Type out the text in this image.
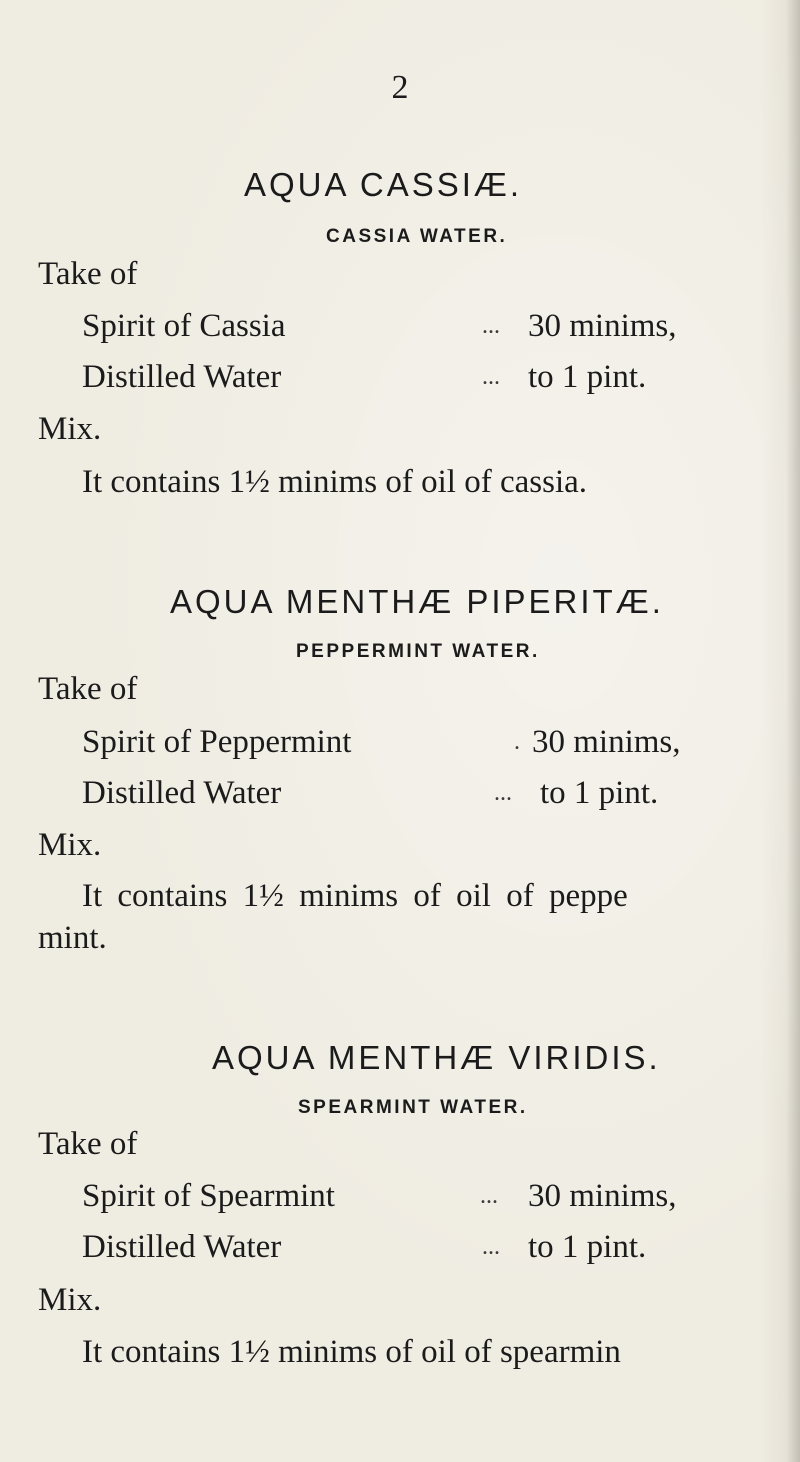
2
AQUA CASSIÆ.
CASSIA WATER.
Take of
Spirit of Cassia	... 30 minims,
Distilled Water	... to 1 pint.
Mix.
It contains 1½ minims of oil of cassia.
AQUA MENTHÆ PIPERITÆ.
PEPPERMINT WATER.
Take of
Spirit of Peppermint	. 30 minims,
Distilled Water	... to 1 pint.
Mix.
It contains 1½ minims of oil of peppe
mint.
AQUA MENTHÆ VIRIDIS.
SPEARMINT WATER.
Take of
Spirit of Spearmint	... 30 minims,
Distilled Water	... to 1 pint.
Mix.
It contains 1½ minims of oil of spearmin
